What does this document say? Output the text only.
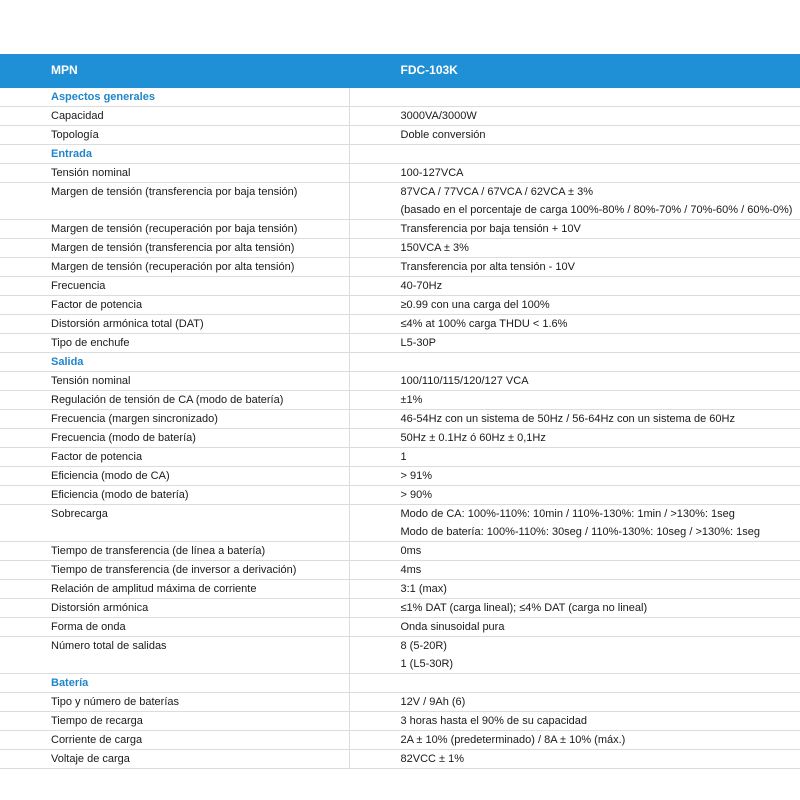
MPN	FDC-103K
Aspectos generales	
Capacidad	3000VA/3000W

Topología	Doble conversión

Entrada	
Tensión nominal	100-127VCA

Margen de tensión (transferencia por baja tensión)	87VCA / 77VCA / 67VCA / 62VCA ± 3%
(basado en el porcentaje de carga 100%-80% / 80%-70% / 70%-60% / 60%-0%)

Margen de tensión (recuperación por baja tensión)	Transferencia por baja tensión + 10V

Margen de tensión (transferencia por alta tensión)	150VCA ± 3%

Margen de tensión (recuperación por alta tensión)	Transferencia por alta tensión - 10V

Frecuencia	40-70Hz

Factor de potencia	≥0.99 con una carga del 100%

Distorsión armónica total (DAT)	≤4% at 100% carga THDU < 1.6%

Tipo de enchufe	L5-30P

Salida	
Tensión nominal	100/110/115/120/127 VCA

Regulación de tensión de CA (modo de batería)	±1%

Frecuencia (margen sincronizado)	46-54Hz con un sistema de 50Hz / 56-64Hz con un sistema de 60Hz

Frecuencia (modo de batería)	50Hz ± 0.1Hz ó 60Hz ± 0,1Hz

Factor de potencia	1

Eficiencia (modo de CA)	> 91%

Eficiencia (modo de batería)	> 90%

Sobrecarga	Modo de CA: 100%-110%: 10min / 110%-130%: 1min / >130%: 1seg
Modo de batería: 100%-110%: 30seg / 110%-130%: 10seg / >130%: 1seg

Tiempo de transferencia (de línea a batería)	0ms

Tiempo de transferencia (de inversor a derivación)	4ms

Relación de amplitud máxima de corriente	3:1 (max)

Distorsión armónica	≤1% DAT (carga lineal); ≤4% DAT (carga no lineal)

Forma de onda	Onda sinusoidal pura

Número total de salidas	8 (5-20R)
1 (L5-30R)

Batería	
Tipo y número de baterías	12V / 9Ah (6)

Tiempo de recarga	3 horas hasta el 90% de su capacidad

Corriente de carga	2A ± 10% (predeterminado) / 8A ± 10% (máx.)

Voltaje de carga	82VCC ± 1%
